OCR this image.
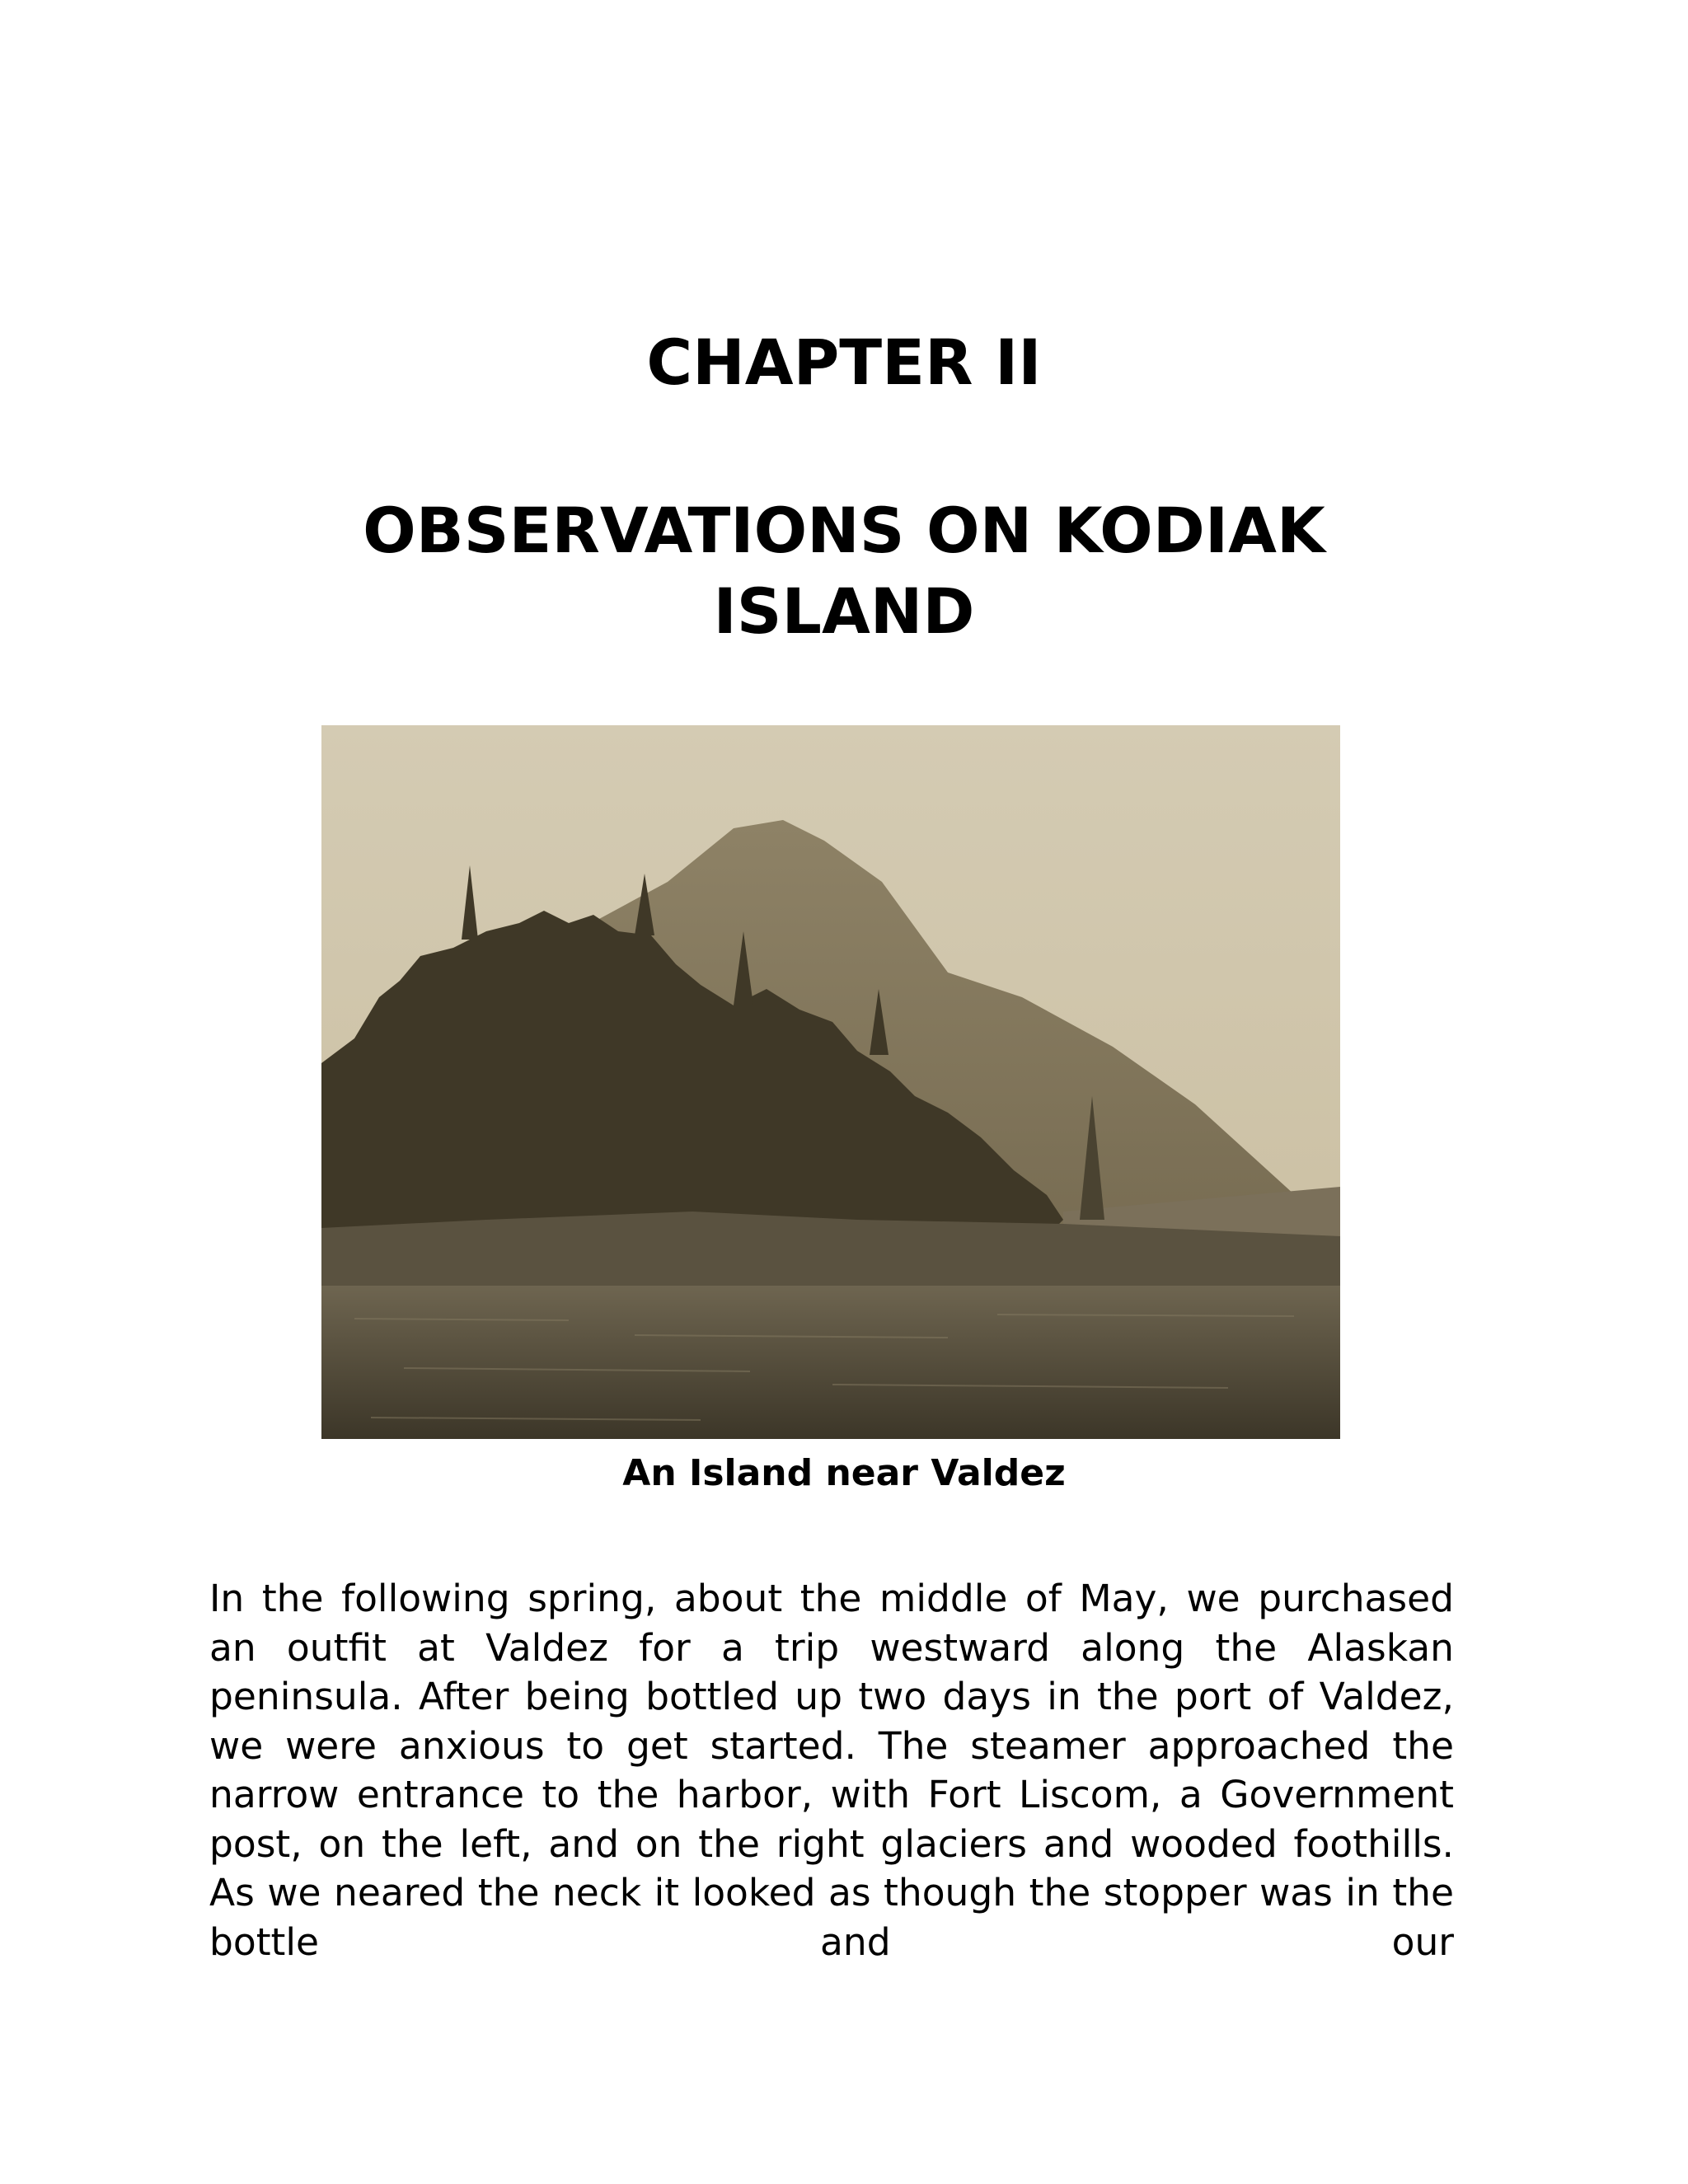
CHAPTER II
OBSERVATIONS ON KODIAK ISLAND
An Island near Valdez

In the following spring, about the middle of May, we purchased an outfit at Valdez for a trip westward along the Alaskan peninsula. After being bottled up two days in the port of Valdez, we were anxious to get started. The steamer approached the narrow entrance to the harbor, with Fort Liscom, a Government post, on the left, and on the right glaciers and wooded foothills. As we neared the neck it looked as though the stopper was in the bottle and our
